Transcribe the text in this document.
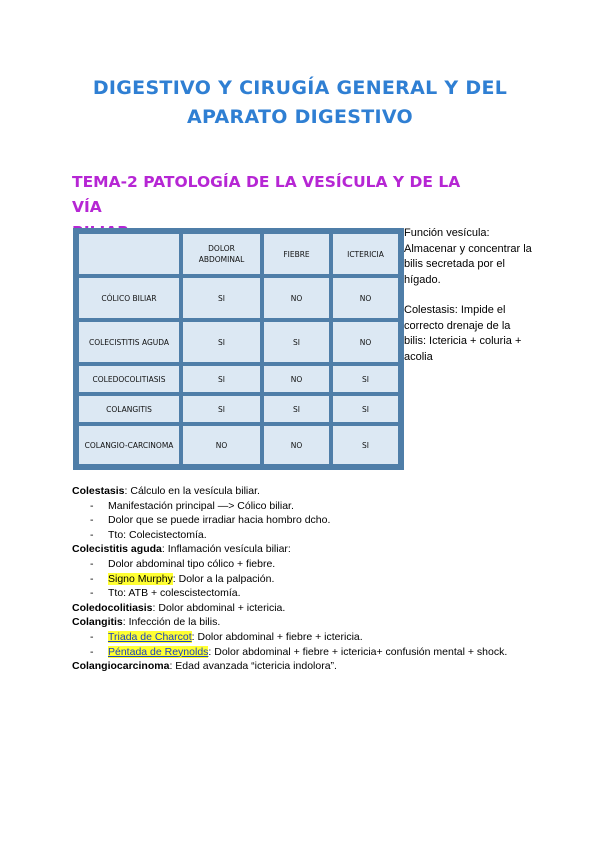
DIGESTIVO Y CIRUGÍA GENERAL Y DEL
APARATO DIGESTIVO
TEMA-2 PATOLOGÍA DE LA VESÍCULA Y DE LA VÍA
	DOLOR ABDOMINAL	FIEBRE	ICTERICIA
CÓLICO BILIAR	SI	NO	NO
COLECISTITIS AGUDA	SI	SI	NO
COLEDOCOLITIASIS	SI	NO	SI
COLANGITIS	SI	SI	SI
COLANGIO-CARCINOMA	NO	NO	SI

Función vesícula: Almacenar y concentrar la bilis secretada por el hígado.

Colestasis: Impide el correcto drenaje de la bilis: Ictericia + coluria + acolia

Colestasis: Cálculo en la vesícula biliar.
- Manifestación principal —> Cólico biliar.
- Dolor que se puede irradiar hacia hombro dcho.
- Tto: Colecistectomía.
Colecistitis aguda: Inflamación vesícula biliar:
- Dolor abdominal tipo cólico + fiebre.
- Signo Murphy: Dolor a la palpación.
- Tto: ATB + colescistectomía.
Coledocolitiasis: Dolor abdominal + ictericia.
Colangitis: Infección de la bilis.
- Triada de Charcot: Dolor abdominal + fiebre + ictericia.
- Péntada de Reynolds: Dolor abdominal + fiebre + ictericia+ confusión mental + shock.
Colangiocarcinoma: Edad avanzada “ictericia indolora”.
